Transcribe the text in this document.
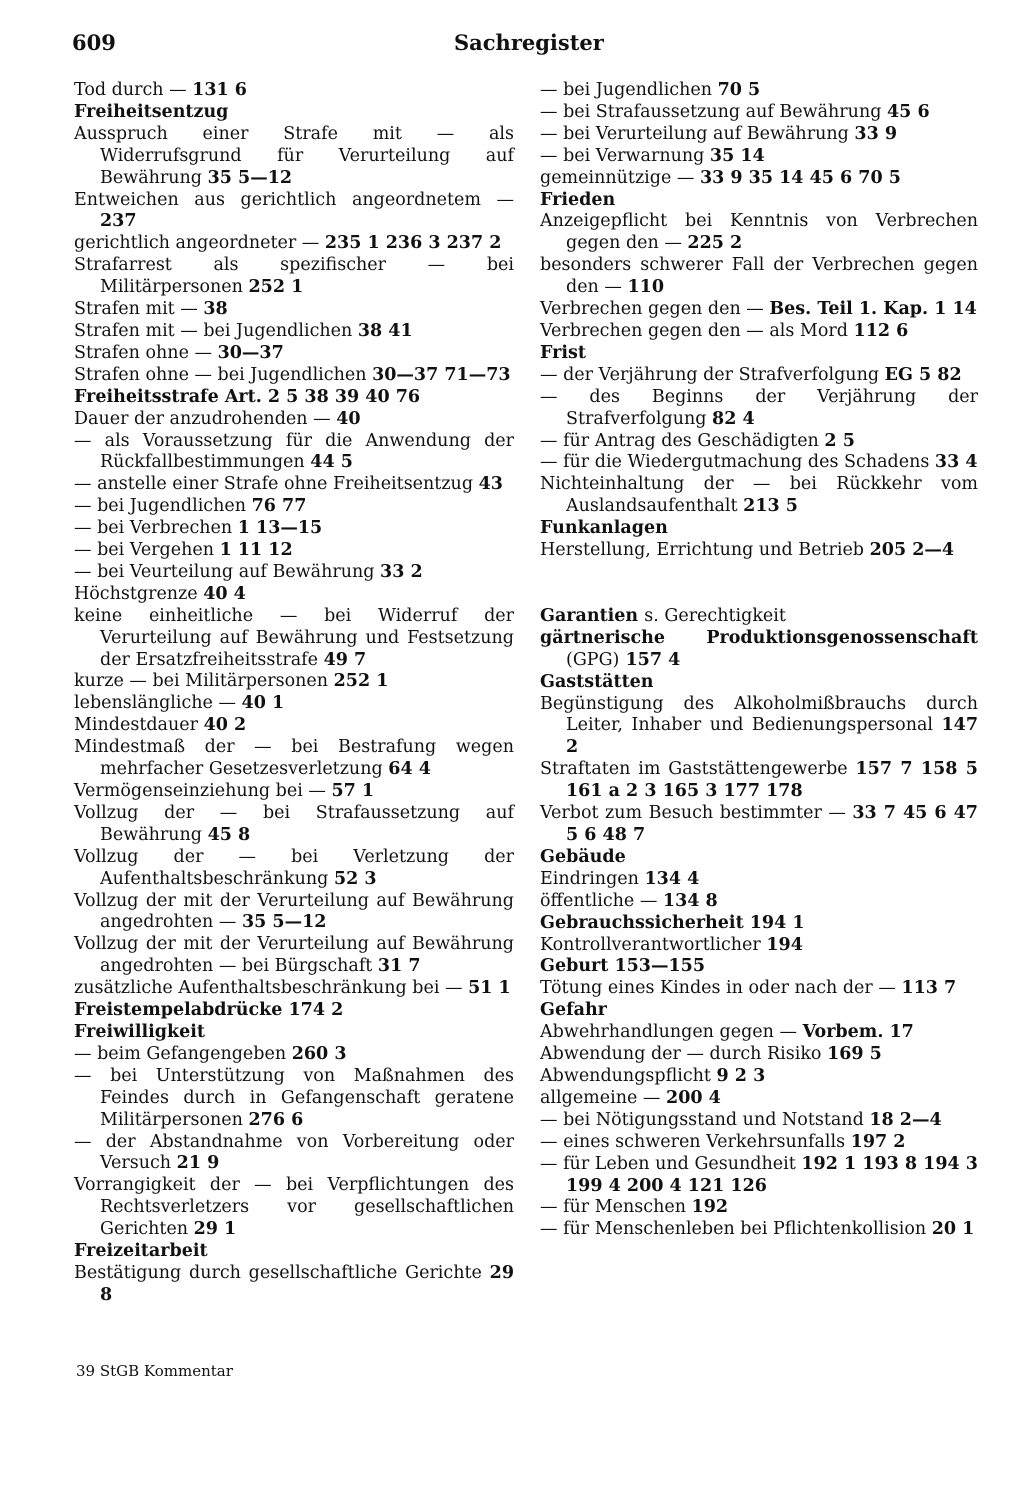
609	Sachregister
Tod durch — 131 6
Freiheitsentzug
Ausspruch einer Strafe mit — als Widerrufsgrund für Verurteilung auf Bewährung 35 5—12
Entweichen aus gerichtlich angeordnetem — 237
gerichtlich angeordneter — 235 1 236 3 237 2
Strafarrest als spezifischer — bei Militärpersonen 252 1
Strafen mit — 38
Strafen mit — bei Jugendlichen 38 41
Strafen ohne — 30—37
Strafen ohne — bei Jugendlichen 30—37 71—73
Freiheitsstrafe Art. 2 5 38 39 40 76
Dauer der anzudrohenden — 40
— als Voraussetzung für die Anwendung der Rückfallbestimmungen 44 5
— anstelle einer Strafe ohne Freiheitsentzug 43
— bei Jugendlichen 76 77
— bei Verbrechen 1 13—15
— bei Vergehen 1 11 12
— bei Veurteilung auf Bewährung 33 2
Höchstgrenze 40 4
keine einheitliche — bei Widerruf der Verurteilung auf Bewährung und Festsetzung der Ersatzfreiheitsstrafe 49 7
kurze — bei Militärpersonen 252 1
lebenslängliche — 40 1
Mindestdauer 40 2
Mindestmaß der — bei Bestrafung wegen mehrfacher Gesetzesverletzung 64 4
Vermögenseinziehung bei — 57 1
Vollzug der — bei Strafaussetzung auf Bewährung 45 8
Vollzug der — bei Verletzung der Aufenthaltsbeschränkung 52 3
Vollzug der mit der Verurteilung auf Bewährung angedrohten — 35 5—12
Vollzug der mit der Verurteilung auf Bewährung angedrohten — bei Bürgschaft 31 7
zusätzliche Aufenthaltsbeschränkung bei — 51 1
Freistempelabdrücke 174 2
Freiwilligkeit
— beim Gefangengeben 260 3
— bei Unterstützung von Maßnahmen des Feindes durch in Gefangenschaft geratene Militärpersonen 276 6
— der Abstandnahme von Vorbereitung oder Versuch 21 9
Vorrangigkeit der — bei Verpflichtungen des Rechtsverletzers vor gesellschaftlichen Gerichten 29 1
Freizeitarbeit
Bestätigung durch gesellschaftliche Gerichte 29 8
— bei Jugendlichen 70 5
— bei Strafaussetzung auf Bewährung 45 6
— bei Verurteilung auf Bewährung 33 9
— bei Verwarnung 35 14
gemeinnützige — 33 9 35 14 45 6 70 5
Frieden
Anzeigepflicht bei Kenntnis von Verbrechen gegen den — 225 2
besonders schwerer Fall der Verbrechen gegen den — 110
Verbrechen gegen den — Bes. Teil 1. Kap. 1 14
Verbrechen gegen den — als Mord 112 6
Frist
— der Verjährung der Strafverfolgung EG 5 82
— des Beginns der Verjährung der Strafverfolgung 82 4
— für Antrag des Geschädigten 2 5
— für die Wiedergutmachung des Schadens 33 4
Nichteinhaltung der — bei Rückkehr vom Auslandsaufenthalt 213 5
Funkanlagen
Herstellung, Errichtung und Betrieb 205 2—4
Garantien s. Gerechtigkeit
gärtnerische Produktionsgenossenschaft (GPG) 157 4
Gaststätten
Begünstigung des Alkoholmißbrauchs durch Leiter, Inhaber und Bedienungspersonal 147 2
Straftaten im Gaststättengewerbe 157 7 158 5 161 a 2 3 165 3 177 178
Verbot zum Besuch bestimmter — 33 7 45 6 47 5 6 48 7
Gebäude
Eindringen 134 4
öffentliche — 134 8
Gebrauchssicherheit 194 1
Kontrollverantwortlicher 194
Geburt 153—155
Tötung eines Kindes in oder nach der — 113 7
Gefahr
Abwehrhandlungen gegen — Vorbem. 17
Abwendung der — durch Risiko 169 5
Abwendungspflicht 9 2 3
allgemeine — 200 4
— bei Nötigungsstand und Notstand 18 2—4
— eines schweren Verkehrsunfalls 197 2
— für Leben und Gesundheit 192 1 193 8 194 3 199 4 200 4 121 126
— für Menschen 192
— für Menschenleben bei Pflichtenkollision 20 1
39 StGB Kommentar
